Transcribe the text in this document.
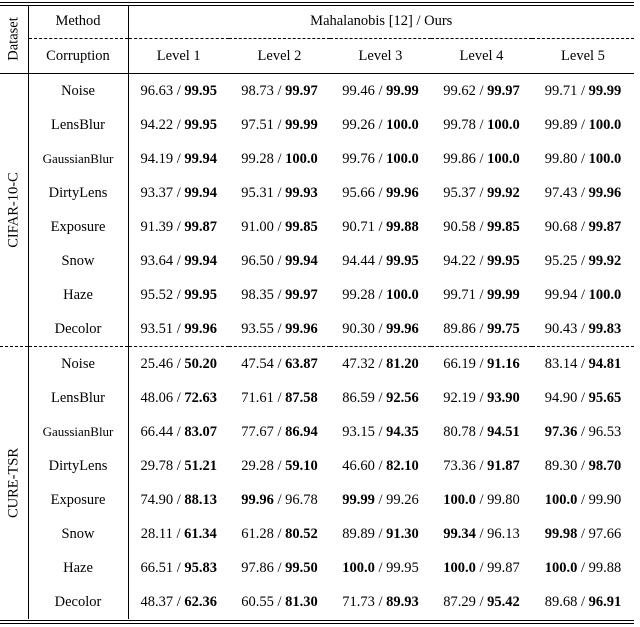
Dataset	Method	Mahalanobis [12] / Ours				
	Corruption	Level 1	Level 2	Level 3	Level 4	Level 5

CIFAR-10-C	Noise	96.63 / 99.95	98.73 / 99.97	99.46 / 99.99	99.62 / 99.97	99.71 / 99.99
	LensBlur	94.22 / 99.95	97.51 / 99.99	99.26 / 100.0	99.78 / 100.0	99.89 / 100.0
	GaussianBlur	94.19 / 99.94	99.28 / 100.0	99.76 / 100.0	99.86 / 100.0	99.80 / 100.0
	DirtyLens	93.37 / 99.94	95.31 / 99.93	95.66 / 99.96	95.37 / 99.92	97.43 / 99.96
	Exposure	91.39 / 99.87	91.00 / 99.85	90.71 / 99.88	90.58 / 99.85	90.68 / 99.87
	Snow	93.64 / 99.94	96.50 / 99.94	94.44 / 99.95	94.22 / 99.95	95.25 / 99.92
	Haze	95.52 / 99.95	98.35 / 99.97	99.28 / 100.0	99.71 / 99.99	99.94 / 100.0
	Decolor	93.51 / 99.96	93.55 / 99.96	90.30 / 99.96	89.86 / 99.75	90.43 / 99.83

CURE-TSR	Noise	25.46 / 50.20	47.54 / 63.87	47.32 / 81.20	66.19 / 91.16	83.14 / 94.81
	LensBlur	48.06 / 72.63	71.61 / 87.58	86.59 / 92.56	92.19 / 93.90	94.90 / 95.65
	GaussianBlur	66.44 / 83.07	77.67 / 86.94	93.15 / 94.35	80.78 / 94.51	97.36 / 96.53
	DirtyLens	29.78 / 51.21	29.28 / 59.10	46.60 / 82.10	73.36 / 91.87	89.30 / 98.70
	Exposure	74.90 / 88.13	99.96 / 96.78	99.99 / 99.26	100.0 / 99.80	100.0 / 99.90
	Snow	28.11 / 61.34	61.28 / 80.52	89.89 / 91.30	99.34 / 96.13	99.98 / 97.66
	Haze	66.51 / 95.83	97.86 / 99.50	100.0 / 99.95	100.0 / 99.87	100.0 / 99.88
	Decolor	48.37 / 62.36	60.55 / 81.30	71.73 / 89.93	87.29 / 95.42	89.68 / 96.91
